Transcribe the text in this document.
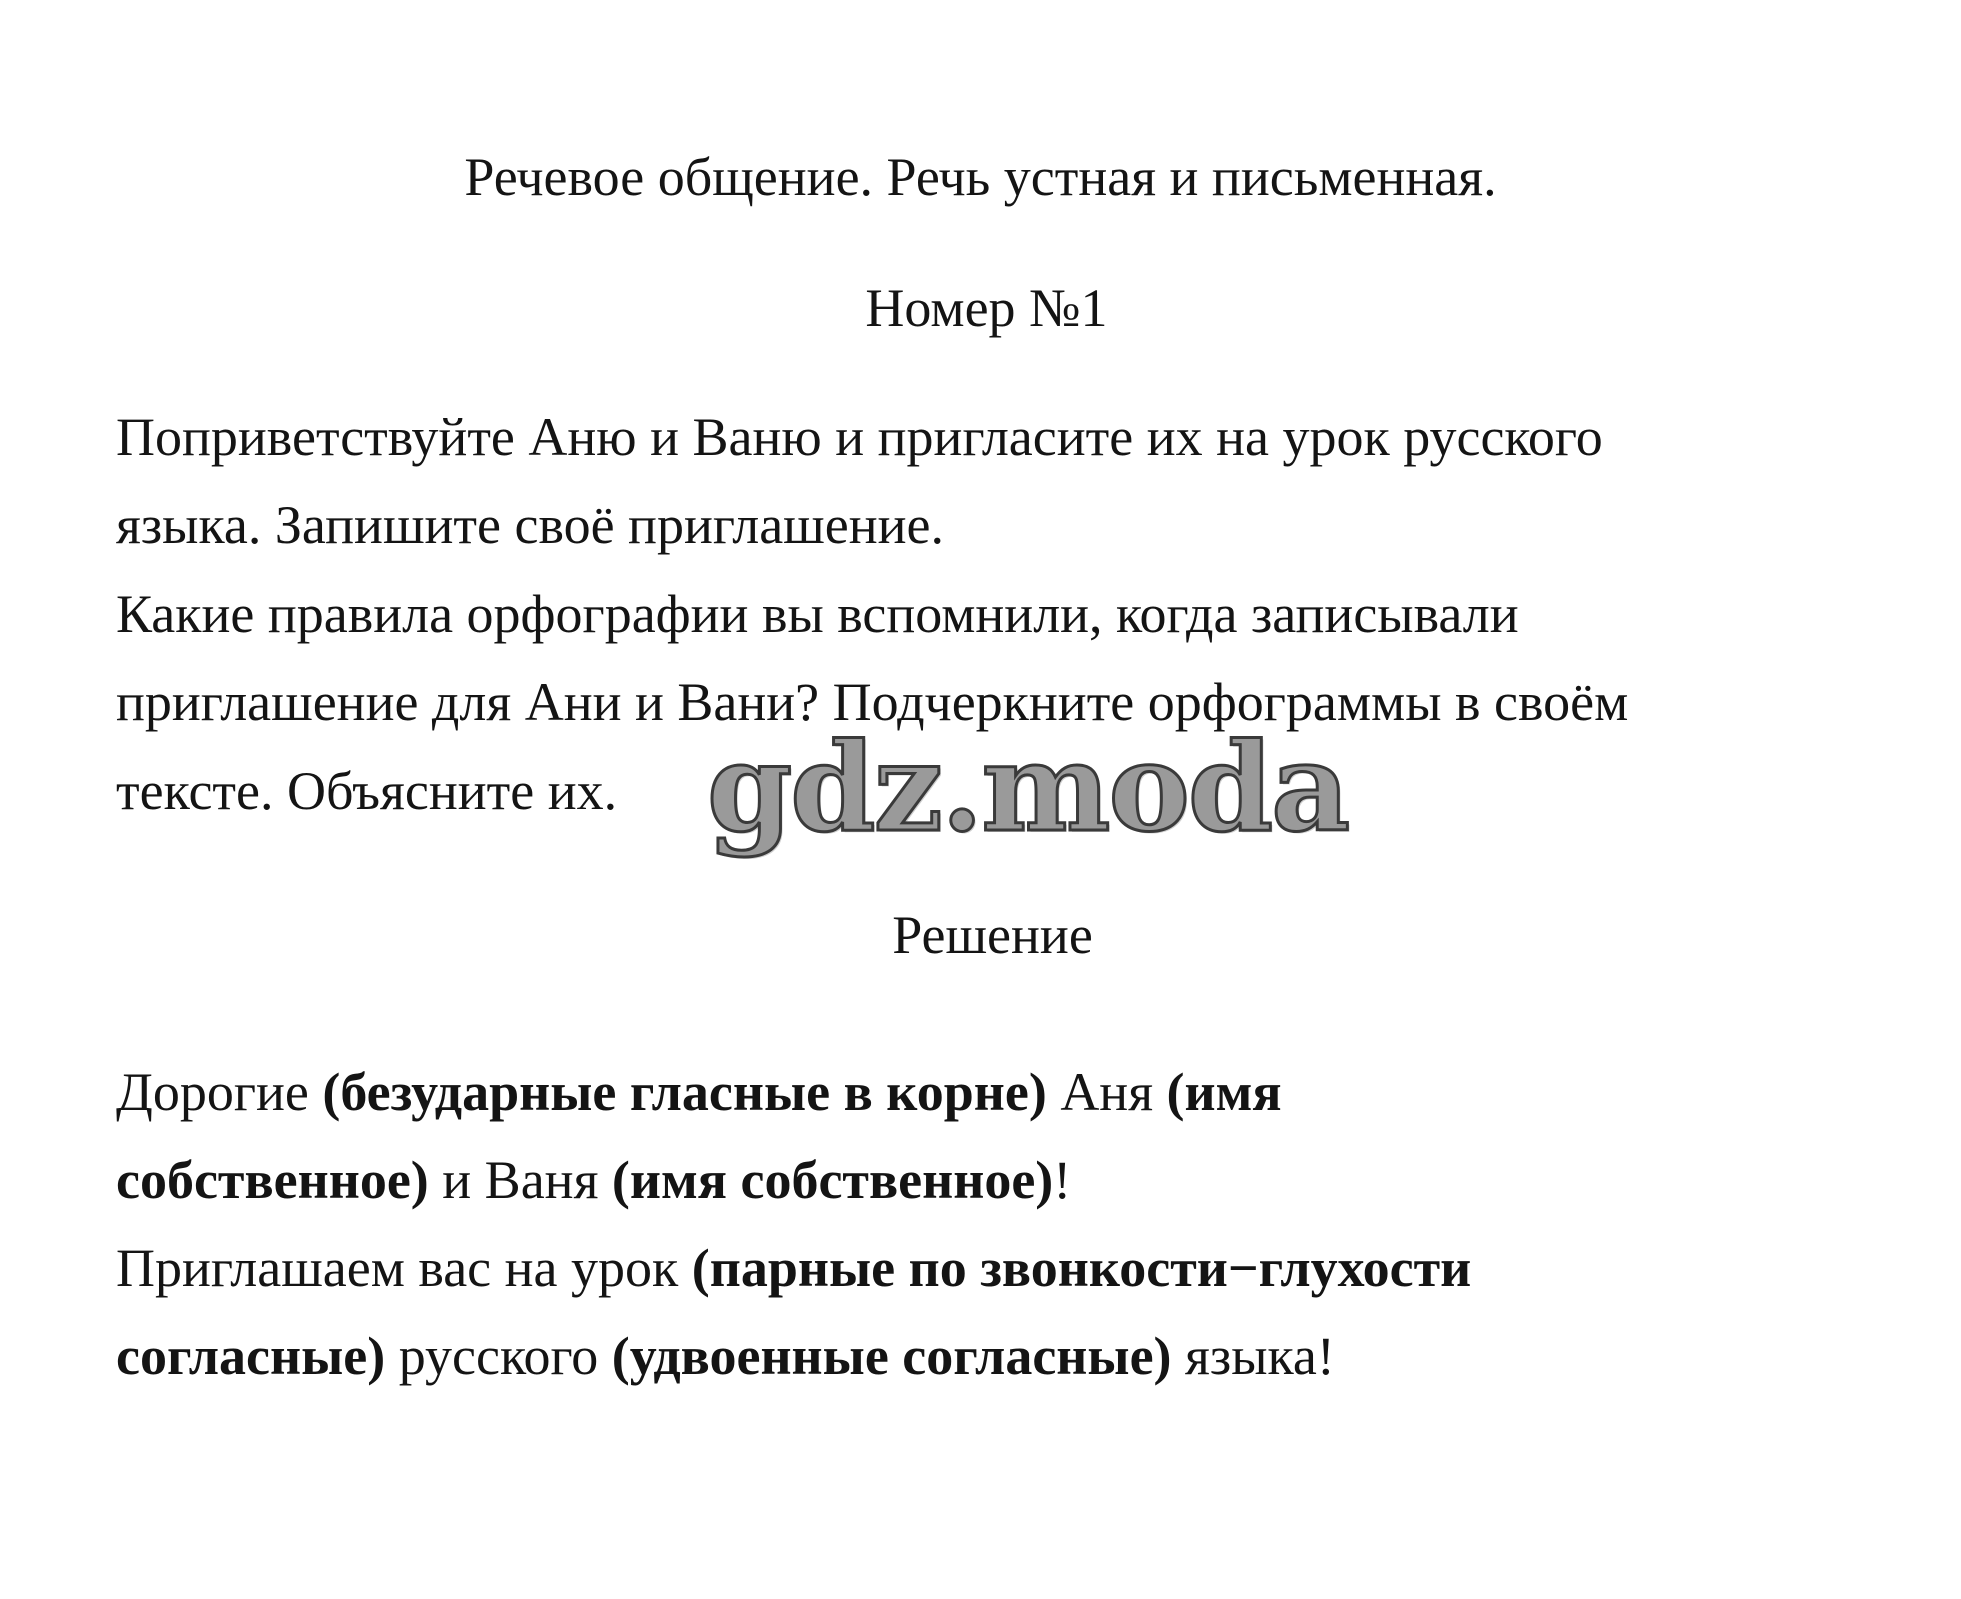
Речевое общение. Речь устная и письменная.
Номер №1
Поприветствуйте Аню и Ваню и пригласите их на урок русского
языка. Запишите своё приглашение.
Какие правила орфографии вы вспомнили, когда записывали
приглашение для Ани и Вани? Подчеркните орфограммы в своём
тексте. Объясните их. gdz.moda
Решение
Дорогие (безударные гласные в корне) Аня (имя
собственное) и Ваня (имя собственное)!
Приглашаем вас на урок (парные по звонкости−глухости
согласные) русского (удвоенные согласные) языка!
